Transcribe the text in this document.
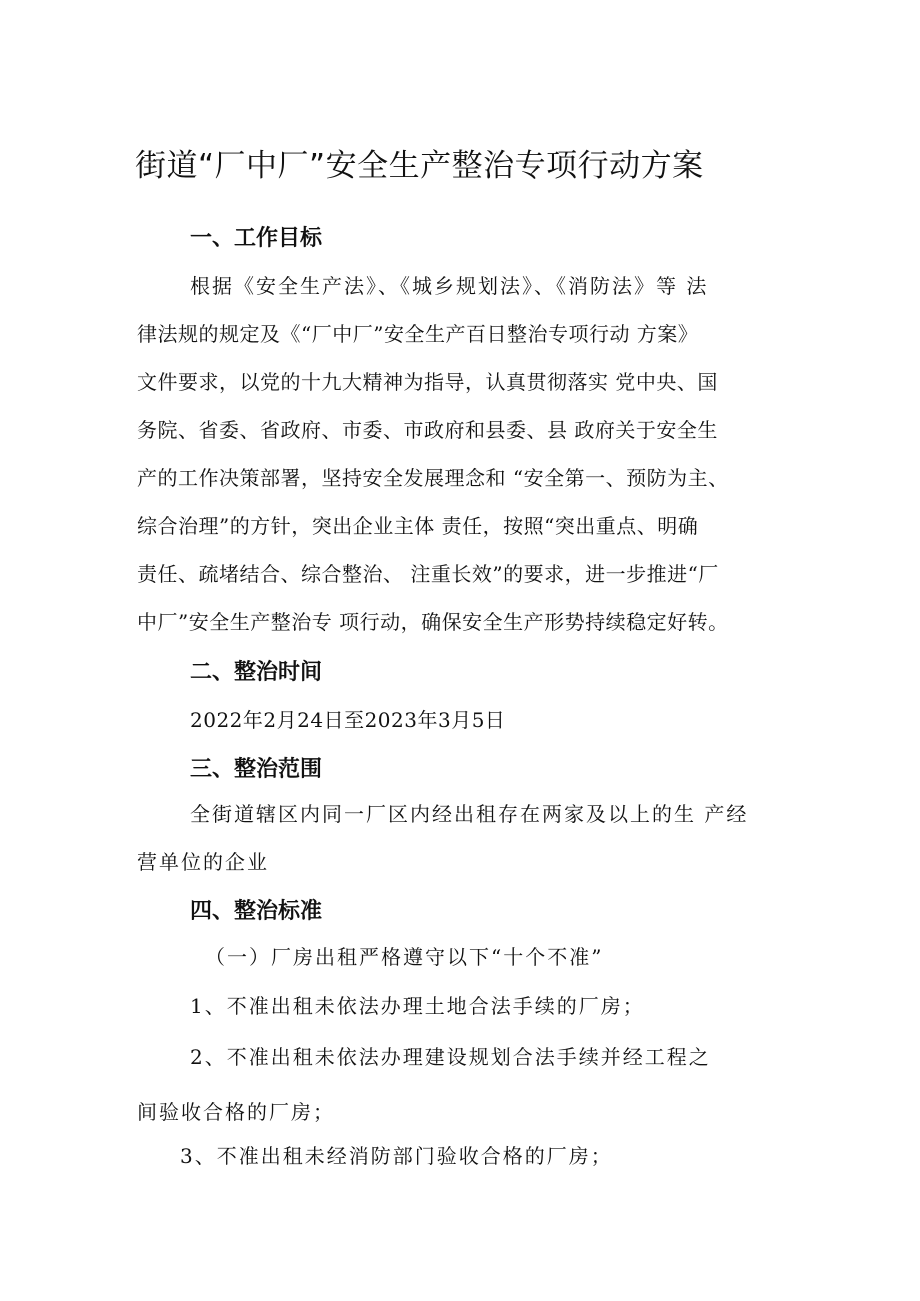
街道“厂中厂”安全生产整治专项行动方案
一、工作目标
根据《安全生产法》、《城乡规划法》、《消防法》等 法
律法规的规定及《“厂中厂”安全生产百日整治专项行动 方案》
文件要求，以党的十九大精神为指导，认真贯彻落实 党中央、国
务院、省委、省政府、市委、市政府和县委、县 政府关于安全生
产的工作决策部署，坚持安全发展理念和 “安全第一、预防为主、
综合治理”的方针，突出企业主体 责任，按照“突出重点、明确
责任、疏堵结合、综合整治、 注重长效”的要求，进一步推进“厂
中厂”安全生产整治专 项行动，确保安全生产形势持续稳定好转。
二、整治时间
2022年2月24日至2023年3月5日
三、整治范围
全街道辖区内同一厂区内经出租存在两家及以上的生 产经
营单位的企业
四、整治标准
（一）厂房出租严格遵守以下“十个不准”
1、不准出租未依法办理土地合法手续的厂房；
2、不准出租未依法办理建设规划合法手续并经工程之
间验收合格的厂房；
3、不准出租未经消防部门验收合格的厂房；
